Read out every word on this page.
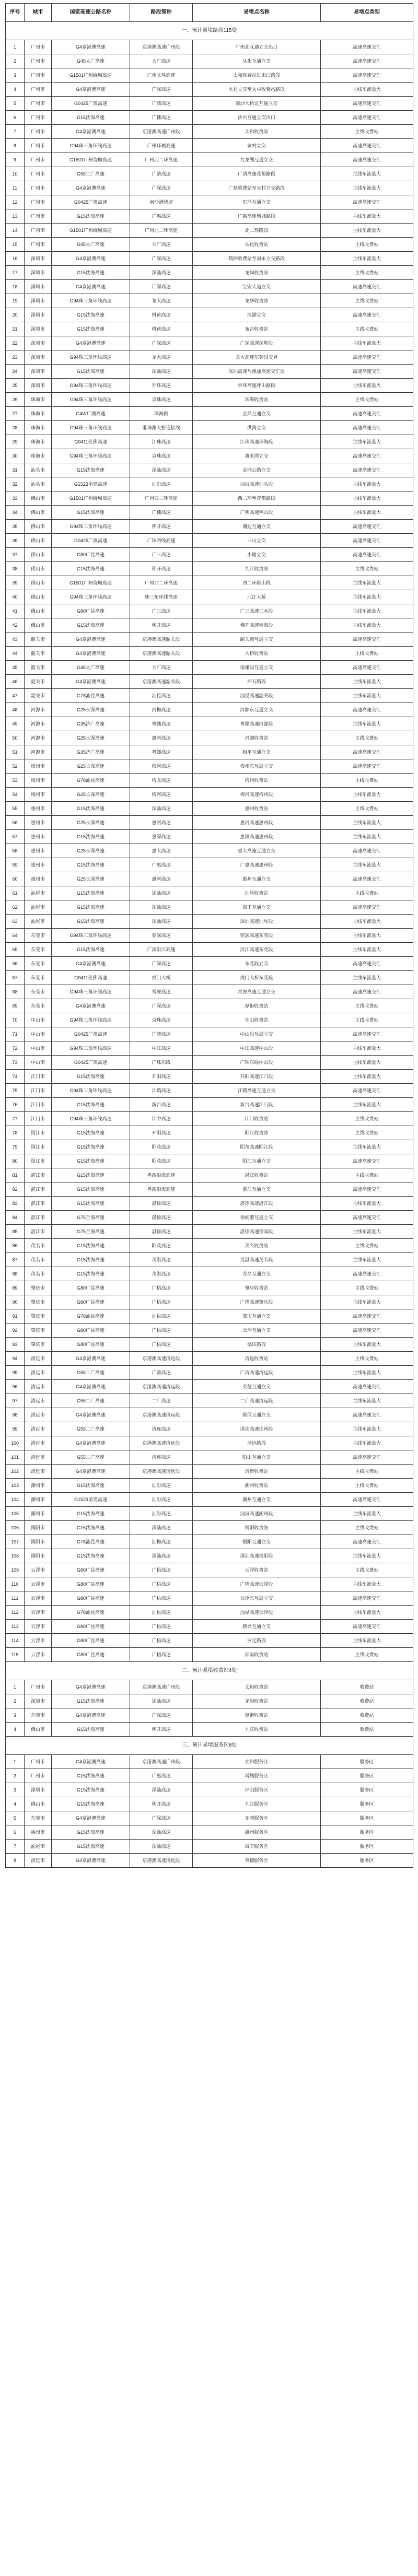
序号	城市	国家高速公路名称	路段简称	易堵点名称	易堵点类型
一、预计易堵路段115处					
1	广州市	G4京港澳高速	京港澳高速广州段	广州北互通立交出口	高速高速交汇
2	广州市	G45大广高速	大广高速	从化互通立交	高速高速交汇
3	广州市	G1501广州绕城高速	广州北环高速	太和收费站进出口路段	高速高速交汇
4	广州市	G4京港澳高速	广深高速	火村立交至火村收费站路段	主线车流量大
5	广州市	G0425广澳高速	广澳高速	南沙大桥北互通立交	高速高速交汇
6	广州市	G15沈海高速	广佛高速	沙贝互通立交出口	高速高速交汇
7	广州市	G4京港澳高速	京港澳高速广州段	太和收费站	主线收费站
8	广州市	G94珠三角环线高速	广州环城高速	黄村立交	高速高速交汇
9	广州市	G1501广州绕城高速	广州北二环高速	九龙湖互通立交	高速高速交汇
10	广州市	G55二广高速	广清高速	广清高速花都路段	主线车流量大
11	广州市	G4京港澳高速	广深高速	广氮收费站至火村立交路段	主线车流量大
12	广州市	G0425广澳高速	南沙港快速	东涌互通立交	高速高速交汇
13	广州市	G15沈海高速	广惠高速	广惠高速增城路段	主线车流量大
14	广州市	G1501广州绕城高速	广州北二环高速	北二环路段	主线车流量大
15	广州市	G45大广高速	大广高速	从化收费站	主线收费站
16	深圳市	G4京港澳高速	广深高速	鹤洲收费站至福永立交路段	主线车流量大
17	深圳市	G15沈海高速	深汕高速	龙岗收费站	主线收费站
18	深圳市	G4京港澳高速	广深高速	宝安大道立交	高速高速交汇
19	深圳市	G94珠三角环线高速	龙大高速	龙华收费站	主线收费站
20	深圳市	G15沈海高速	机荷高速	清湖立交	高速高速交汇
21	深圳市	G15沈海高速	机荷高速	布吉收费站	主线收费站
22	深圳市	G4京港澳高速	广深高速	广深高速深圳段	主线车流量大
23	深圳市	G94珠三角环线高速	龙大高速	龙大高速东莞段交界	高速高速交汇
24	深圳市	G15沈海高速	深汕高速	深汕高速与惠盐高速交汇处	高速高速交汇
25	深圳市	G94珠三角环线高速	外环高速	外环高速坪山路段	主线车流量大
26	珠海市	G94珠三角环线高速	京珠高速	珠海收费站	主线收费站
27	珠海市	G4W广澳高速	珠海段	金鼎互通立交	高速高速交汇
28	珠海市	G94珠三角环线高速	港珠澳大桥连接线	洪湾立交	高速高速交汇
29	珠海市	G9411莞佛高速	江珠高速	江珠高速珠海段	主线车流量大
30	珠海市	G94珠三角环线高速	京珠高速	唐家湾立交	高速高速交汇
31	汕头市	G15沈海高速	深汕高速	金鸿公路立交	高速高速交汇
32	汕头市	G1523甬莞高速	汕汾高速	汕汾高速汕头段	主线车流量大
33	佛山市	G1501广州绕城高速	广州西二环高速	西二环至花都路段	主线车流量大
34	佛山市	G15沈海高速	广佛高速	广佛高速佛山段	主线车流量大
35	佛山市	G94珠三角环线高速	佛开高速	谢边互通立交	高速高速交汇
36	佛山市	G0425广澳高速	广珠西线高速	三山立交	高速高速交汇
37	佛山市	G80广昆高速	广三高速	小塘立交	高速高速交汇
38	佛山市	G15沈海高速	佛开高速	九江收费站	主线收费站
39	佛山市	G1501广州绕城高速	广州西二环高速	西二环佛山段	主线车流量大
40	佛山市	G94珠三角环线高速	珠三角环线高速	北江大桥	主线车流量大
41	佛山市	G80广昆高速	广三高速	广三高速三水段	主线车流量大
42	佛山市	G15沈海高速	佛开高速	佛开高速南海段	主线车流量大
43	韶关市	G4京港澳高速	京港澳高速韶关段	韶关南互通立交	高速高速交汇
44	韶关市	G4京港澳高速	京港澳高速韶关段	大桥收费站	主线收费站
45	韶关市	G45大广高速	大广高速	南雄段互通立交	高速高速交汇
46	韶关市	G4京港澳高速	京港澳高速韶关段	坪石路段	主线车流量大
47	韶关市	G78汕昆高速	汕昆高速	汕昆高速韶关段	主线车流量大
48	河源市	G25长深高速	河梅高速	河源东互通立交	高速高速交汇
49	河源市	G35济广高速	粤赣高速	粤赣高速河源段	主线车流量大
50	河源市	G25长深高速	惠河高速	河源收费站	主线收费站
51	河源市	G35济广高速	粤赣高速	和平互通立交	高速高速交汇
52	梅州市	G25长深高速	梅河高速	梅州东互通立交	高速高速交汇
53	梅州市	G78汕昆高速	梅龙高速	梅州收费站	主线收费站
54	梅州市	G25长深高速	梅河高速	梅河高速梅州段	主线车流量大
55	惠州市	G15沈海高速	深汕高速	惠州收费站	主线收费站
56	惠州市	G25长深高速	惠河高速	惠河高速惠州段	主线车流量大
57	惠州市	G15沈海高速	惠深高速	惠深高速惠州段	主线车流量大
58	惠州市	G25长深高速	惠大高速	惠大高速互通立交	高速高速交汇
59	惠州市	G15沈海高速	广惠高速	广惠高速惠州段	主线车流量大
60	惠州市	G25长深高速	惠河高速	惠州互通立交	高速高速交汇
61	汕尾市	G15沈海高速	深汕高速	汕尾收费站	主线收费站
62	汕尾市	G15沈海高速	深汕高速	海丰互通立交	高速高速交汇
63	汕尾市	G15沈海高速	深汕高速	深汕高速汕尾段	主线车流量大
64	东莞市	G94珠三角环线高速	莞深高速	莞深高速东莞段	主线车流量大
65	东莞市	G15沈海高速	广深沿江高速	沿江高速东莞段	主线车流量大
66	东莞市	G4京港澳高速	广深高速	东莞段立交	高速高速交汇
67	东莞市	G9411莞佛高速	虎门大桥	虎门大桥东莞段	主线车流量大
68	东莞市	G94珠三角环线高速	常虎高速	常虎高速互通立交	高速高速交汇
69	东莞市	G4京港澳高速	广深高速	厚街收费站	主线收费站
70	中山市	G94珠三角环线高速	京珠高速	中山收费站	主线收费站
71	中山市	G0425广澳高速	广澳高速	中山段互通立交	高速高速交汇
72	中山市	G94珠三角环线高速	中江高速	中江高速中山段	主线车流量大
73	中山市	G0425广澳高速	广珠东线	广珠东线中山段	主线车流量大
74	江门市	G15沈海高速	开阳高速	开阳高速江门段	主线车流量大
75	江门市	G94珠三角环线高速	江鹤高速	江鹤高速互通立交	高速高速交汇
76	江门市	G15沈海高速	新台高速	新台高速江门段	主线车流量大
77	江门市	G94珠三角环线高速	江中高速	江门收费站	主线收费站
78	阳江市	G15沈海高速	开阳高速	阳江收费站	主线收费站
79	阳江市	G15沈海高速	阳茂高速	阳茂高速阳江段	主线车流量大
80	阳江市	G15沈海高速	阳茂高速	阳江互通立交	高速高速交汇
81	湛江市	G15沈海高速	粤西沿海高速	湛江收费站	主线收费站
82	湛江市	G15沈海高速	粤西沿海高速	湛江互通立交	高速高速交汇
83	湛江市	G15沈海高速	湛徐高速	湛徐高速湛江段	主线车流量大
84	湛江市	G75兰海高速	湛徐高速	徐闻港互通立交	高速高速交汇
85	湛江市	G75兰海高速	湛徐高速	湛徐高速徐闻段	主线车流量大
86	茂名市	G15沈海高速	阳茂高速	茂名收费站	主线收费站
87	茂名市	G15沈海高速	茂湛高速	茂湛高速茂名段	主线车流量大
88	茂名市	G15沈海高速	茂湛高速	茂名互通立交	高速高速交汇
89	肇庆市	G80广昆高速	广梧高速	肇庆收费站	主线收费站
90	肇庆市	G80广昆高速	广梧高速	广梧高速肇庆段	主线车流量大
91	肇庆市	G78汕昆高速	汕昆高速	肇庆互通立交	高速高速交汇
92	肇庆市	G80广昆高速	广梧高速	云浮互通立交	高速高速交汇
93	肇庆市	G80广昆高速	广梧高速	德庆路段	主线车流量大
94	清远市	G4京港澳高速	京港澳高速清远段	清远收费站	主线收费站
95	清远市	G55二广高速	广清高速	广清高速清远段	主线车流量大
96	清远市	G4京港澳高速	京港澳高速清远段	英德互通立交	高速高速交汇
97	清远市	G55二广高速	二广高速	二广高速清远段	主线车流量大
98	清远市	G4京港澳高速	京港澳高速清远段	佛冈互通立交	高速高速交汇
99	清远市	G55二广高速	清连高速	清连高速连州段	主线车流量大
100	清远市	G4京港澳高速	京港澳高速清远段	清远路段	主线车流量大
101	清远市	G55二广高速	清连高速	阳山互通立交	高速高速交汇
102	清远市	G4京港澳高速	京港澳高速清远段	清新收费站	主线收费站
103	潮州市	G15沈海高速	汕汾高速	潮州收费站	主线收费站
104	潮州市	G1523甬莞高速	汕汾高速	潮州互通立交	高速高速交汇
105	潮州市	G15沈海高速	汕汾高速	汕汾高速潮州段	主线车流量大
106	揭阳市	G15沈海高速	深汕高速	揭阳收费站	主线收费站
107	揭阳市	G78汕昆高速	汕梅高速	揭阳互通立交	高速高速交汇
108	揭阳市	G15沈海高速	深汕高速	深汕高速揭阳段	主线车流量大
109	云浮市	G80广昆高速	广梧高速	云浮收费站	主线收费站
110	云浮市	G80广昆高速	广梧高速	广梧高速云浮段	主线车流量大
111	云浮市	G80广昆高速	广梧高速	云浮东互通立交	高速高速交汇
112	云浮市	G78汕昆高速	汕昆高速	汕昆高速云浮段	主线车流量大
113	云浮市	G80广昆高速	广梧高速	新兴互通立交	高速高速交汇
114	云浮市	G80广昆高速	广梧高速	罗定路段	主线车流量大
115	云浮市	G80广昆高速	广梧高速	郁南收费站	主线收费站
二、预计易堵收费站4处					
1	广州市	G4京港澳高速	京港澳高速广州段	太和收费站	收费站
2	深圳市	G15沈海高速	深汕高速	龙岗收费站	收费站
3	东莞市	G4京港澳高速	广深高速	厚街收费站	收费站
4	佛山市	G15沈海高速	佛开高速	九江收费站	收费站
三、预计易堵服务区8处					
1	广州市	G4京港澳高速	京港澳高速广州段	太和服务区	服务区
2	广州市	G15沈海高速	广惠高速	增城服务区	服务区
3	深圳市	G15沈海高速	深汕高速	坪山服务区	服务区
4	佛山市	G15沈海高速	佛开高速	九江服务区	服务区
5	东莞市	G4京港澳高速	广深高速	东莞服务区	服务区
6	惠州市	G15沈海高速	深汕高速	惠州服务区	服务区
7	汕尾市	G15沈海高速	深汕高速	海丰服务区	服务区
8	清远市	G4京港澳高速	京港澳高速清远段	英德服务区	服务区
